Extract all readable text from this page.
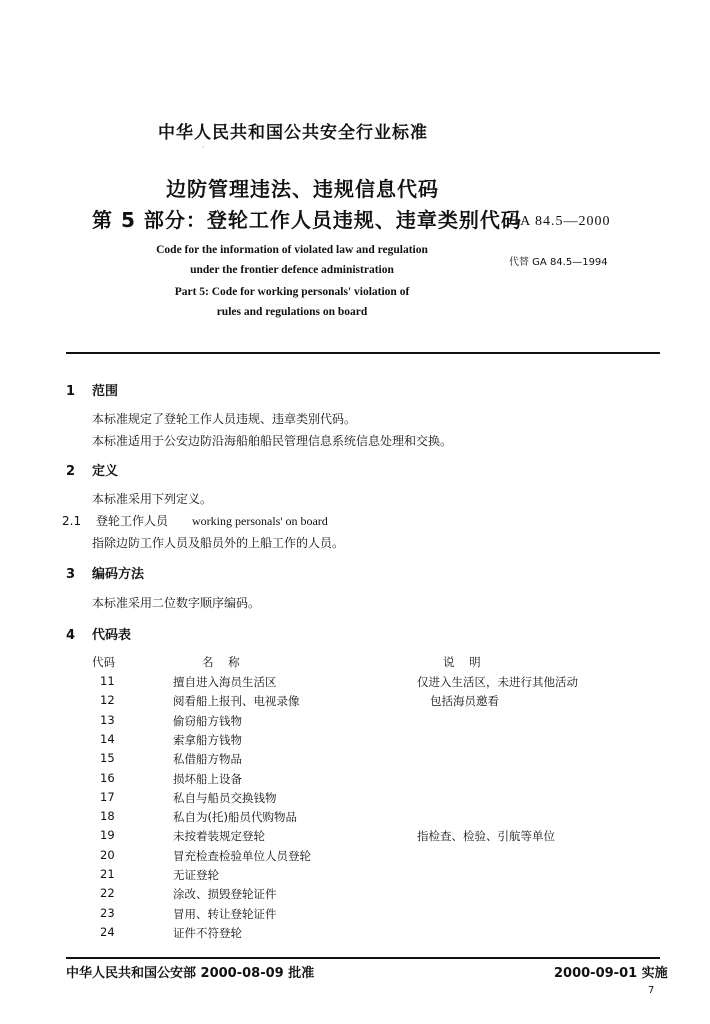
中华人民共和国公共安全行业标准
·
边防管理违法、违规信息代码
第 5 部分：登轮工作人员违规、违章类别代码
GA 84.5—2000
代替 GA 84.5—1994
Code for the information of violated law and regulation
under the frontier defence administration
Part 5: Code for working personals' violation of
rules and regulations on board
1 范围
本标准规定了登轮工作人员违规、违章类别代码。
本标准适用于公安边防沿海船舶船民管理信息系统信息处理和交换。
2 定义
本标准采用下列定义。
2.1 登轮工作人员 working personals' on board
指除边防工作人员及船员外的上船工作的人员。
3 编码方法
本标准采用二位数字顺序编码。
4 代码表
代码	名    称	说    明
11	擅自进入海员生活区	仅进入生活区，未进行其他活动
12	阅看船上报刊、电视录像	包括海员邀看
13	偷窃船方钱物
14	索拿船方钱物
15	私借船方物品
16	损坏船上设备
17	私自与船员交换钱物
18	私自为(托)船员代购物品
19	未按着装规定登轮	指检查、检验、引航等单位
20	冒充检查检验单位人员登轮
21	无证登轮
22	涂改、损毁登轮证件
23	冒用、转让登轮证件
24	证件不符登轮
中华人民共和国公安部 2000-08-09 批准	2000-09-01 实施
7
